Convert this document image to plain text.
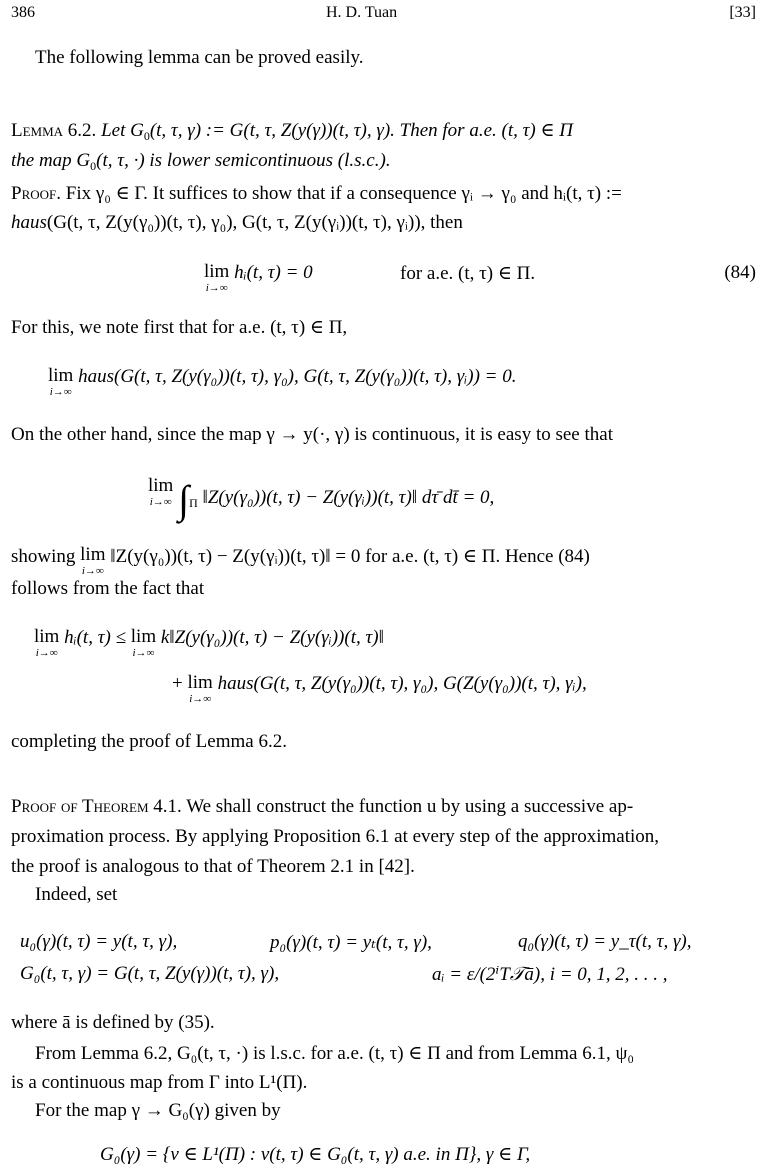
386	H. D. Tuan	[33]
The following lemma can be proved easily.
Lemma 6.2. Let $G_0(t$, τ, γ) := G(t, τ, Z(y(γ))(t, τ), γ). Then for a.e. (t, τ) ∈ Π
the map $G_0(t$, τ, ·) is lower semicontinuous (l.s.c.).
Proof. Fix γ₀ ∈ Γ. It suffices to show that if a consequence γᵢ → γ₀ and hᵢ(t, τ) :=
haus(G(t, τ, Z(y(γ₀))(t, τ), γ₀), G(t, τ, Z(y(γᵢ))(t, τ), γᵢ)), then
lim
i→∞
hᵢ(t, τ) = 0	for a.e. (t, τ) ∈ Π.	(84)
For this, we note first that for a.e. (t, τ) ∈ Π,
lim
i→∞
haus(G(t, τ, Z(y(γ₀))(t, τ), γ₀), G(t, τ, Z(y(γ₀))(t, τ), γᵢ)) = 0.
On the other hand, since the map γ → y(·, γ) is continuous, it is easy to see that
lim
i→∞ $\int_\Pi$ ‖Z(y(γ₀))(t, τ) − Z(y(γᵢ))(t, τ)‖ dτ̄ dt̄ = 0,
showing lim
i→∞
‖Z(y(γ₀))(t, τ) − Z(y(γᵢ))(t, τ)‖ = 0 for a.e. (t, τ) ∈ Π. Hence (84)
follows from the fact that
lim
i→∞
hᵢ(t, τ) ≤ lim
i→∞
k‖Z(y(γ₀))(t, τ) − Z(y(γᵢ))(t, τ)‖
+ lim
i→∞
haus(G(t, τ, Z(y(γ₀))(t, τ), γ₀), G(Z(y(γ₀))(t, τ), γᵢ),
completing the proof of Lemma 6.2.
Proof of Theorem 4.1. We shall construct the function u by using a successive ap-
proximation process. By applying Proposition 6.1 at every step of the approximation,
the proof is analogous to that of Theorem 2.1 in [42].
Indeed, set
u₀(γ)(t, τ) = y(t, τ, γ),	p₀(γ)(t, τ) = yₜ(t, τ, γ),	q₀(γ)(t, τ) = y_τ(t, τ, γ),
G₀(t, τ, γ) = G(t, τ, Z(y(γ))(t, τ), γ),	aᵢ = ε/(2ⁱT𝒯ā), i = 0, 1, 2, . . . ,
where ā is defined by (35).
From Lemma 6.2, G₀(t, τ, ·) is l.s.c. for a.e. (t, τ) ∈ Π and from Lemma 6.1, ψ₀
is a continuous map from Γ into L¹(Π).
For the map γ → G₀(γ) given by
G₀(γ) = {v ∈ L¹(Π) : v(t, τ) ∈ G₀(t, τ, γ) a.e. in Π}, γ ∈ Γ,
